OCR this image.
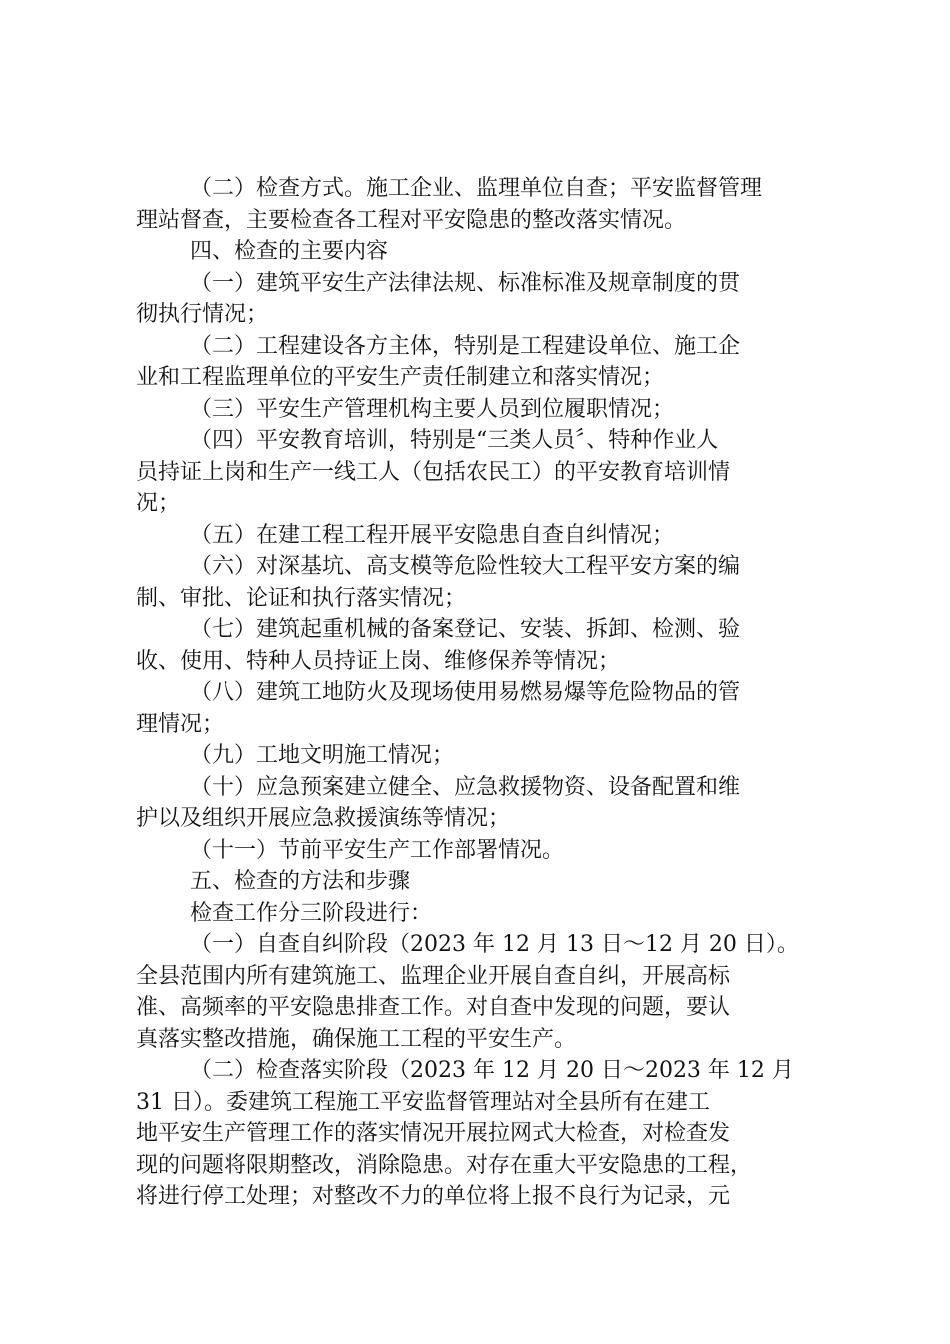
（二）检查方式。施工企业、监理单位自查；平安监督管理
理站督查，主要检查各工程对平安隐患的整改落实情况。
四、检查的主要内容
（一）建筑平安生产法律法规、标准标准及规章制度的贯
彻执行情况；
（二）工程建设各方主体，特别是工程建设单位、施工企
业和工程监理单位的平安生产责任制建立和落实情况；
（三）平安生产管理机构主要人员到位履职情况；
（四）平安教育培训，特别是“三类人员〞、特种作业人
员持证上岗和生产一线工人（包括农民工）的平安教育培训情
况；
（五）在建工程工程开展平安隐患自查自纠情况；
（六）对深基坑、高支模等危险性较大工程平安方案的编
制、审批、论证和执行落实情况；
（七）建筑起重机械的备案登记、安装、拆卸、检测、验
收、使用、特种人员持证上岗、维修保养等情况；
（八）建筑工地防火及现场使用易燃易爆等危险物品的管
理情况；
（九）工地文明施工情况；
（十）应急预案建立健全、应急救援物资、设备配置和维
护以及组织开展应急救援演练等情况；
（十一）节前平安生产工作部署情况。
五、检查的方法和步骤
检查工作分三阶段进行：
（一）自查自纠阶段（2023 年 12 月 13 日～12 月 20 日）。
全县范围内所有建筑施工、监理企业开展自查自纠，开展高标
准、高频率的平安隐患排查工作。对自查中发现的问题，要认
真落实整改措施，确保施工工程的平安生产。
（二）检查落实阶段（2023 年 12 月 20 日～2023 年 12 月
31 日）。委建筑工程施工平安监督管理站对全县所有在建工
地平安生产管理工作的落实情况开展拉网式大检查，对检查发
现的问题将限期整改，消除隐患。对存在重大平安隐患的工程，
将进行停工处理；对整改不力的单位将上报不良行为记录，元
